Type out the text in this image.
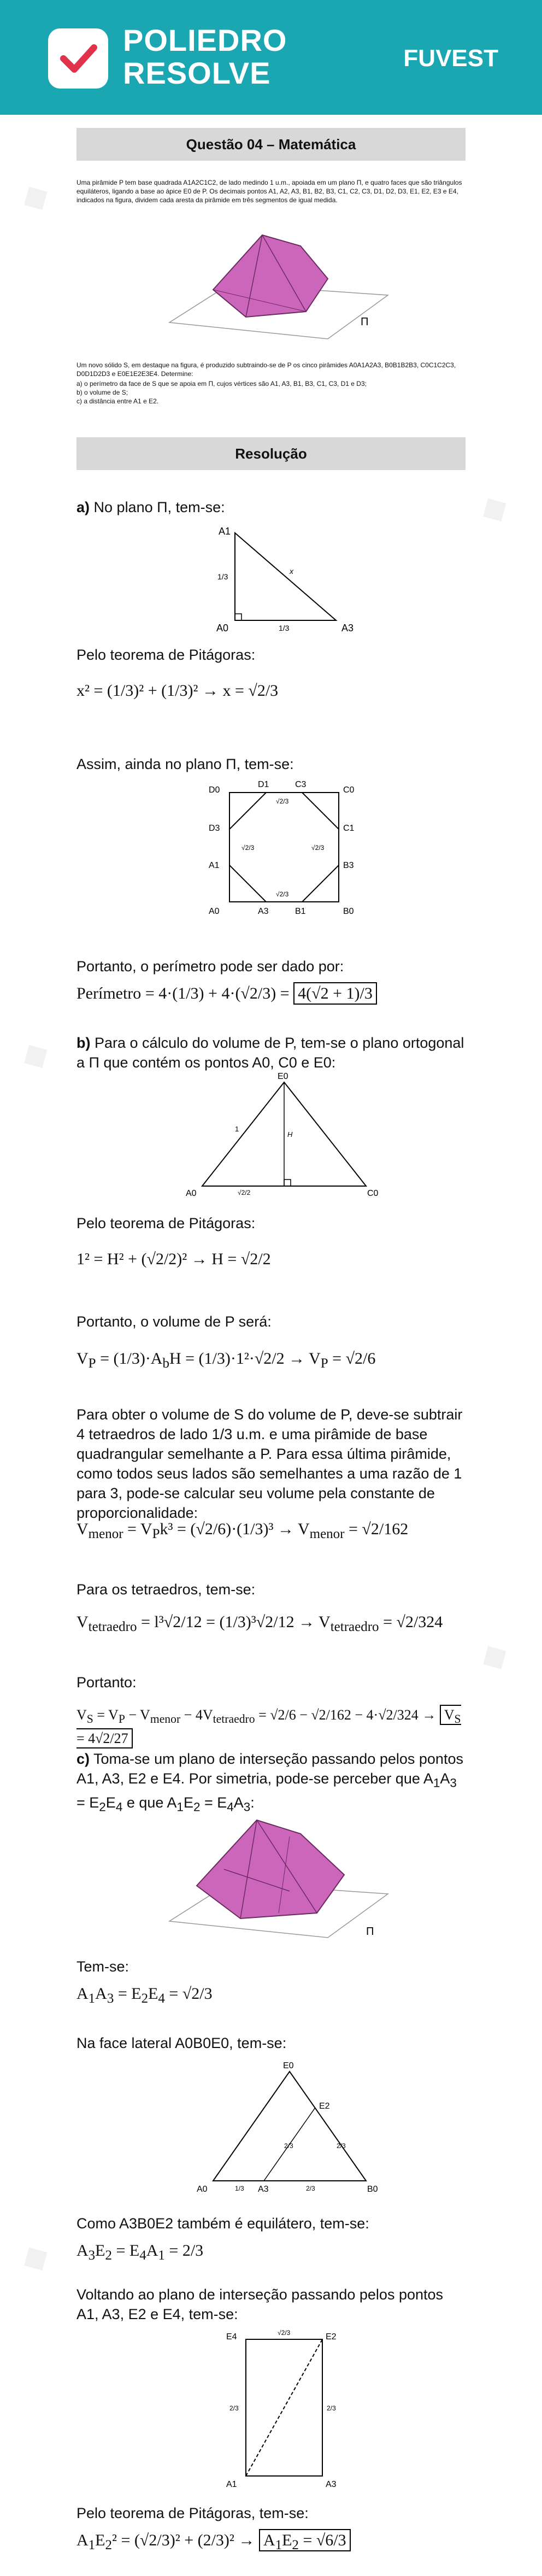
POLIEDRO
RESOLVE	FUVEST
◆
◆
◆
◆
◆
Questão 04 – Matemática
Uma pirâmide P tem base quadrada A1A2C1C2, de lado medindo 1 u.m., apoiada em um plano Π, e quatro faces que são triângulos equiláteros, ligando a base ao ápice E0 de P. Os decimais pontos A1, A2, A3, B1, B2, B3, C1, C2, C3, D1, D2, D3, E1, E2, E3 e E4, indicados na figura, dividem cada aresta da pirâmide em três segmentos de igual medida.
Π
Um novo sólido S, em destaque na figura, é produzido subtraindo-se de P os cinco pirâmides A0A1A2A3, B0B1B2B3, C0C1C2C3, D0D1D2D3 e E0E1E2E3E4. Determine:
a) o perímetro da face de S que se apoia em Π, cujos vértices são A1, A3, B1, B3, C1, C3, D1 e D3;
b) o volume de S;
c) a distância entre A1 e E2.
Resolução
a) No plano Π, tem-se:
A1
A0	A3
1/3
1/3
x
Pelo teorema de Pitágoras:
x² = (1/3)² + (1/3)² → x = √2/3
Assim, ainda no plano Π, tem-se:
D0
D1	C3
C0
D3	C1
A1	B3
A0	A3	B1	B0
√2/3
√2/3
√2/3	√2/3
Portanto, o perímetro pode ser dado por:
Perímetro = 4·(1/3) + 4·(√2/3) = 4(√2 + 1)/3
b) Para o cálculo do volume de P, tem-se o plano ortogonal a Π que contém os pontos A0, C0 e E0:
E0
A0	C0
1
H
√2/2
Pelo teorema de Pitágoras:
1² = H² + (√2/2)² → H = √2/2
Portanto, o volume de P será:
$V_P = (1/3)\cdot A_bH = (1/3)\cdot 1^2\cdot√2/2 \to V_P = √2/6$
Para obter o volume de S do volume de P, deve-se subtrair 4 tetraedros de lado 1/3 u.m. e uma pirâmide de base quadrangular semelhante a P. Para essa última pirâmide, como todos seus lados são semelhantes a uma razão de 1 para 3, pode-se calcular seu volume pela constante de proporcionalidade:
$V_{menor} = V_Pk^3 = (√2/6)\cdot(1/3)^3 \to V_{menor} = √2/162$
Para os tetraedros, tem-se:
$V_{tetraedro} = l^3√2/12 = (1/3)^3√2/12 \to V_{tetraedro} = √2/324$
Portanto:
$V_S = V_P - V_{menor} - 4V_{tetraedro} = √2/6 - √2/162 - 4\cdot√2/324 \to V_S = 4√2/27$
c) Toma-se um plano de interseção passando pelos pontos A1, A3, E2 e E4. Por simetria, pode-se perceber que $A_1A_3 = E_2E_4$ e que $A_1E_2 = E_4A_3$:
Π
Tem-se:
$A_1A_3 = E_2E_4 = √2/3$
Na face lateral A0B0E0, tem-se:
E0
A0	A3	B0
E2
1/3	2/3
2/3
2/3
Como A3B0E2 também é equilátero, tem-se:
$A_3E_2 = E_4A_1 = 2/3$
Voltando ao plano de interseção passando pelos pontos A1, A3, E2 e E4, tem-se:
E4	E2
A1	A3
√2/3
2/3	2/3
Pelo teorema de Pitágoras, tem-se:
$A_1E_2^2 = (√2/3)^2 + (2/3)^2 \to A_1E_2 = √6/3$
